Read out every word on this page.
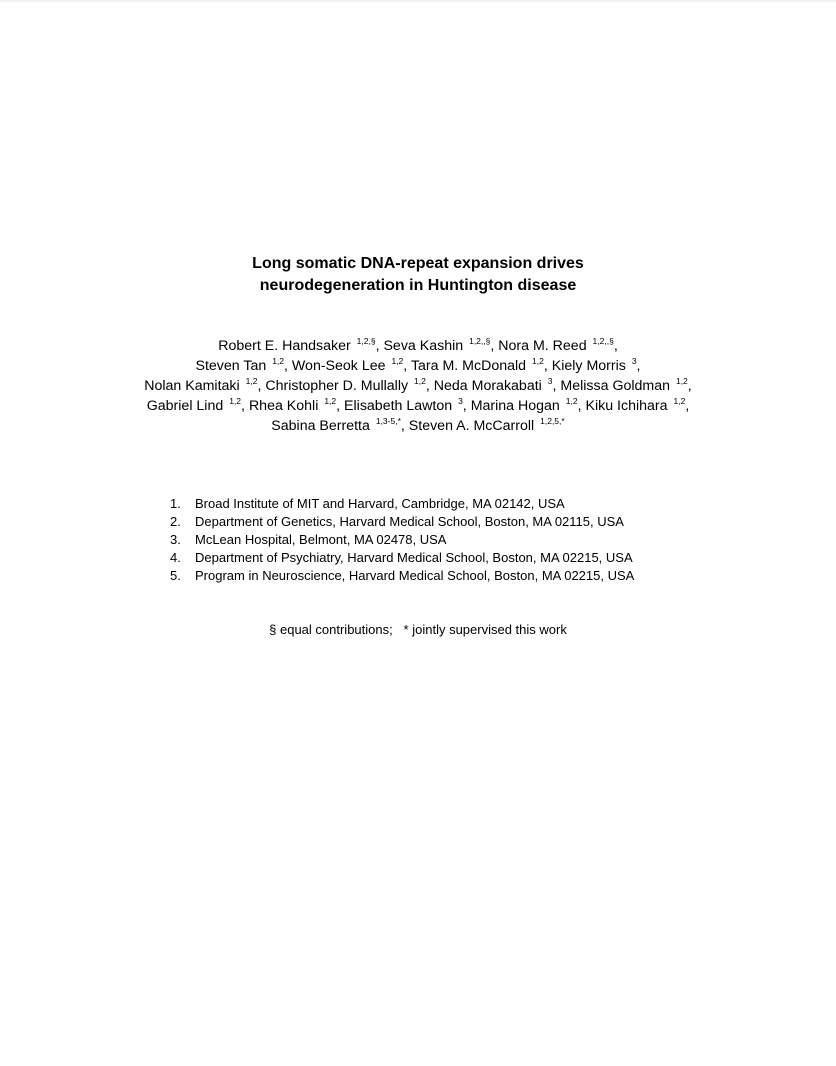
Long somatic DNA-repeat expansion drives
neurodegeneration in Huntington disease
Robert E. Handsaker $^{1,2,\S}$, Seva Kashin $^{1,2,,\S}$, Nora M. Reed $^{1,2,,\S}$,
Steven Tan $^{1,2}$, Won-Seok Lee $^{1,2}$, Tara M. McDonald $^{1,2}$, Kiely Morris $^3$,
Nolan Kamitaki $^{1,2}$, Christopher D. Mullally $^{1,2}$, Neda Morakabati $^3$, Melissa Goldman $^{1,2}$,
Gabriel Lind $^{1,2}$, Rhea Kohli $^{1,2}$, Elisabeth Lawton $^3$, Marina Hogan $^{1,2}$, Kiku Ichihara $^{1,2}$,
Sabina Berretta $^{1,3-5,*}$, Steven A. McCarroll $^{1,2,5,*}$
1. Broad Institute of MIT and Harvard, Cambridge, MA 02142, USA
2. Department of Genetics, Harvard Medical School, Boston, MA 02115, USA
3. McLean Hospital, Belmont, MA 02478, USA
4. Department of Psychiatry, Harvard Medical School, Boston, MA 02215, USA
5. Program in Neuroscience, Harvard Medical School, Boston, MA 02215, USA
§ equal contributions;   * jointly supervised this work
